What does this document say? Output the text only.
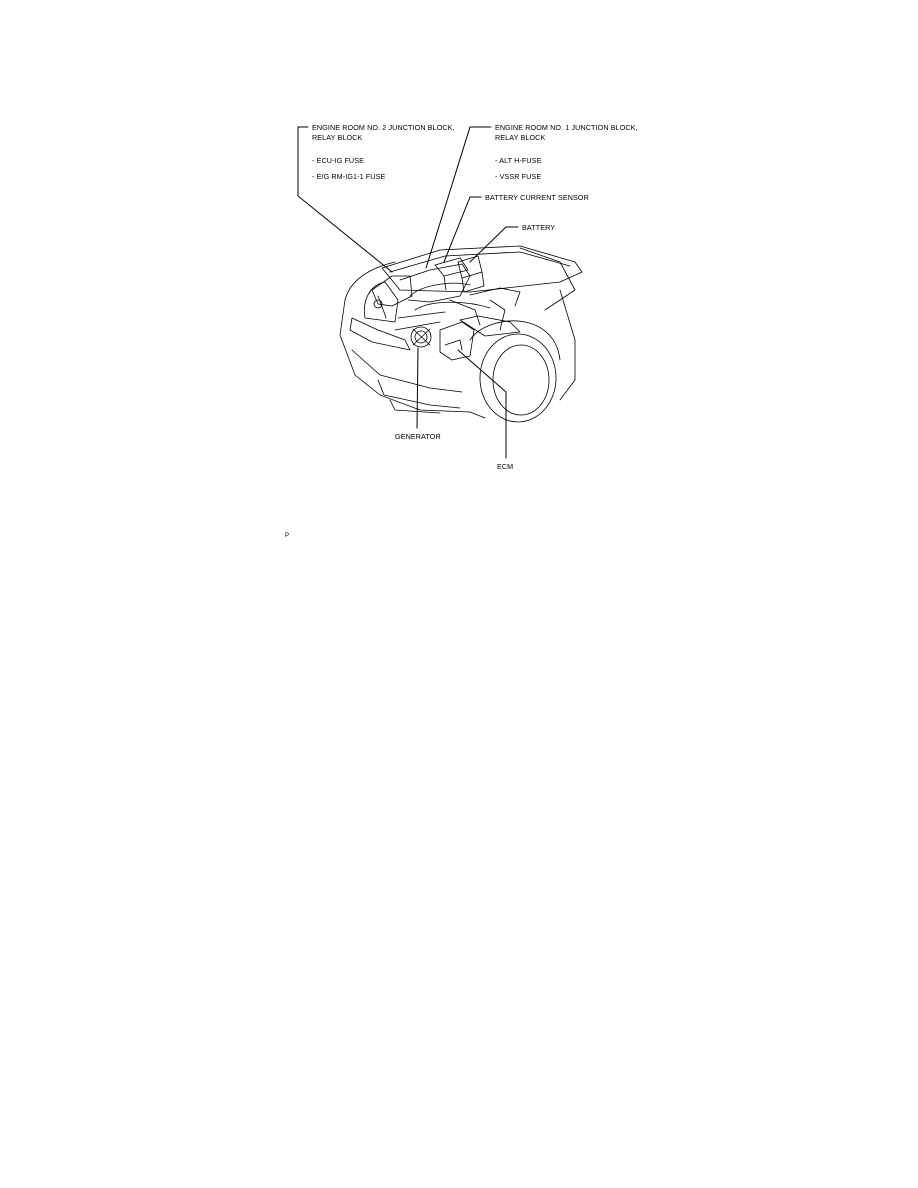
ENGINE ROOM NO. 2 JUNCTION BLOCK,
RELAY BLOCK
- ECU-IG FUSE
- E/G RM-IG1-1 FUSE
ENGINE ROOM NO. 1 JUNCTION BLOCK,
RELAY BLOCK
- ALT H-FUSE
- VSSR FUSE
BATTERY CURRENT SENSOR
BATTERY
GENERATOR
ECM
P
